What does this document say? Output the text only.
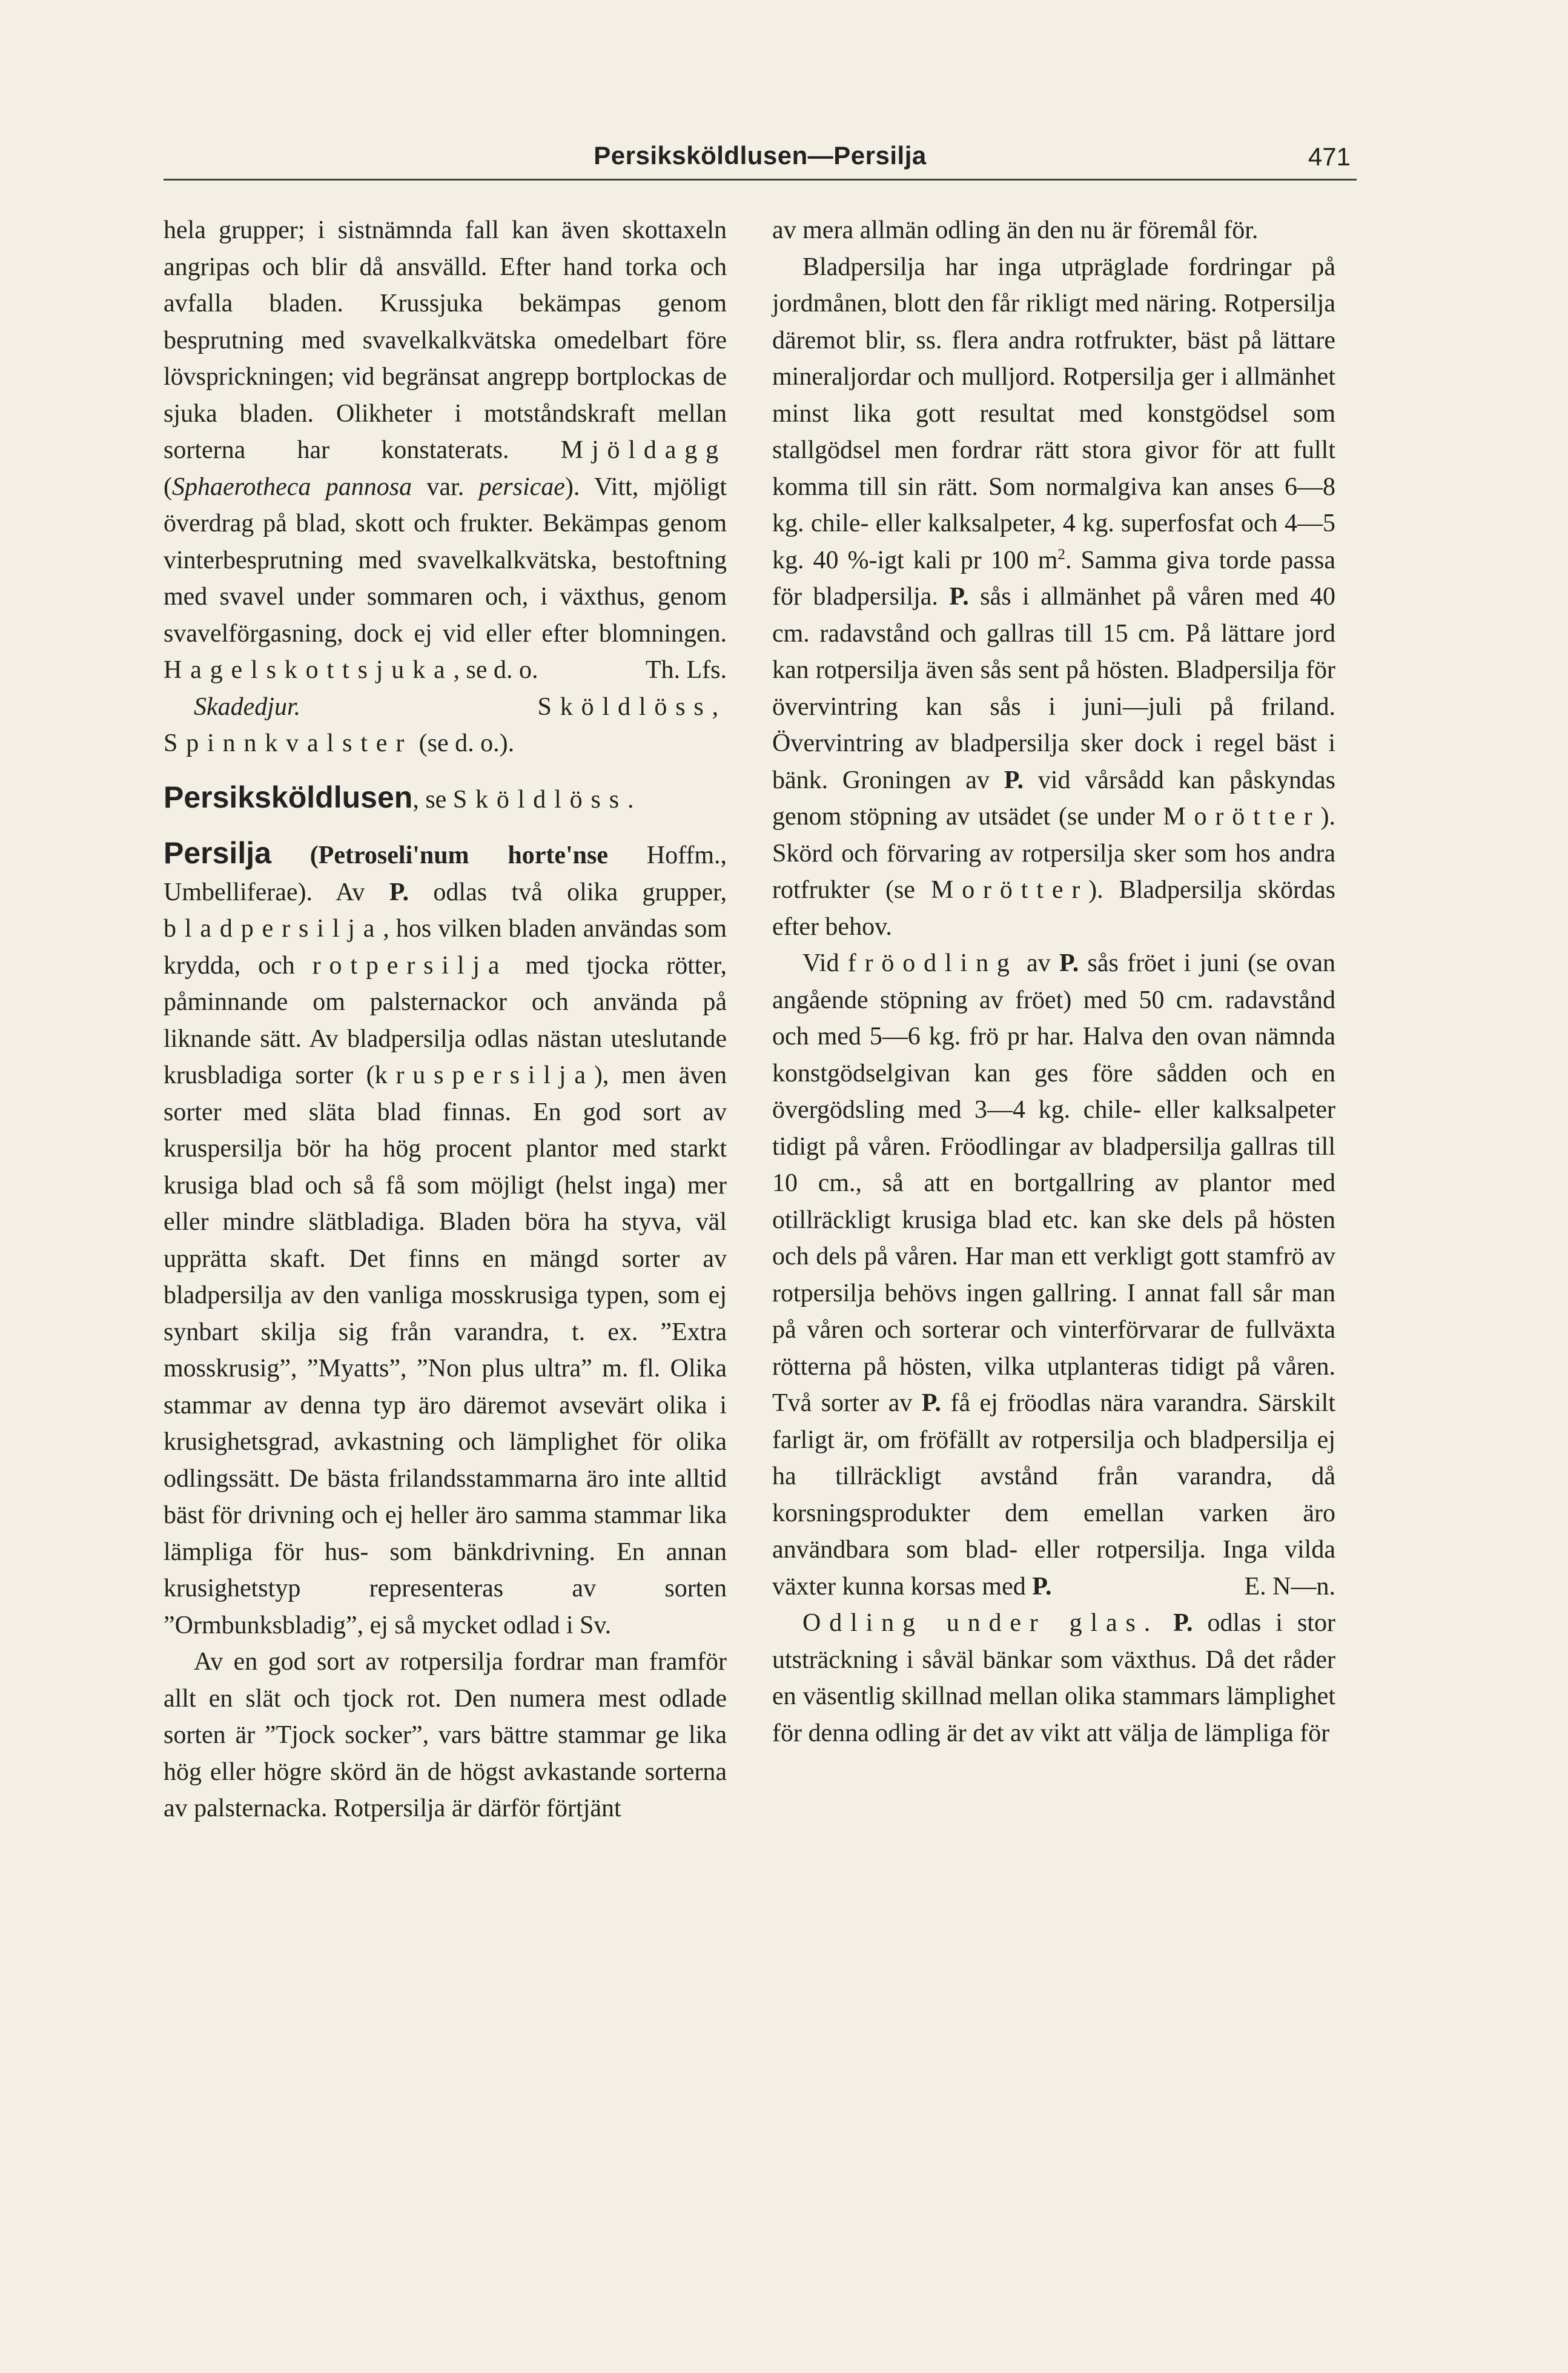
Persiksköldlusen—Persilja	471

hela grupper; i sistnämnda fall kan även skottaxeln angripas och blir då ansvälld. Efter hand torka och avfalla bladen. Krussjuka bekämpas genom besprutning med svavelkalkvätska omedelbart före lövsprickningen; vid begränsat angrepp bortplockas de sjuka bladen. Olikheter i motståndskraft mellan sorterna har konstaterats. Mjöldagg (Sphaerotheca pannosa var. persicae). Vitt, mjöligt överdrag på blad, skott och frukter. Bekämpas genom vinterbesprutning med svavelkalkvätska, bestoftning med svavel under sommaren och, i växthus, genom svavelförgasning, dock ej vid eller efter blomningen. Hagelskottsjuka, se d. o.	Th. Lfs.

Skadedjur.	Sköldlöss, Spinnkvalster (se d. o.).

Persiksköldlusen, se Sköldlöss.

Persilja (Petroseli'num horte'nse Hoffm., Umbelliferae). Av P. odlas två olika grupper, bladpersilja, hos vilken bladen användas som krydda, och rotpersilja med tjocka rötter, påminnande om palsternackor och använda på liknande sätt. Av bladpersilja odlas nästan uteslutande krusbladiga sorter (kruspersilja), men även sorter med släta blad finnas. En god sort av kruspersilja bör ha hög procent plantor med starkt krusiga blad och så få som möjligt (helst inga) mer eller mindre slätbladiga. Bladen böra ha styva, väl upprätta skaft. Det finns en mängd sorter av bladpersilja av den vanliga mosskrusiga typen, som ej synbart skilja sig från varandra, t. ex. ”Extra mosskrusig”, ”Myatts”, ”Non plus ultra” m. fl. Olika stammar av denna typ äro däremot avsevärt olika i krusighetsgrad, avkastning och lämplighet för olika odlingssätt. De bästa frilandsstammarna äro inte alltid bäst för drivning och ej heller äro samma stammar lika lämpliga för hus- som bänkdrivning. En annan krusighetstyp representeras av sorten ”Ormbunksbladig”, ej så mycket odlad i Sv.

Av en god sort av rotpersilja fordrar man framför allt en slät och tjock rot. Den numera mest odlade sorten är ”Tjock socker”, vars bättre stammar ge lika hög eller högre skörd än de högst avkastande sorterna av palsternacka. Rotpersilja är därför förtjänt

av mera allmän odling än den nu är föremål för.

Bladpersilja har inga utpräglade fordringar på jordmånen, blott den får rikligt med näring. Rotpersilja däremot blir, ss. flera andra rotfrukter, bäst på lättare mineraljordar och mulljord. Rotpersilja ger i allmänhet minst lika gott resultat med konstgödsel som stallgödsel men fordrar rätt stora givor för att fullt komma till sin rätt. Som normalgiva kan anses 6—8 kg. chile- eller kalksalpeter, 4 kg. superfosfat och 4—5 kg. 40 %-igt kali pr 100 $m^2$. Samma giva torde passa för bladpersilja. P. sås i allmänhet på våren med 40 cm. radavstånd och gallras till 15 cm. På lättare jord kan rotpersilja även sås sent på hösten. Bladpersilja för övervintring kan sås i juni—juli på friland. Övervintring av bladpersilja sker dock i regel bäst i bänk. Groningen av P. vid vårsådd kan påskyndas genom stöpning av utsädet (se under Morötter). Skörd och förvaring av rotpersilja sker som hos andra rotfrukter (se Morötter). Bladpersilja skördas efter behov.

Vid fröodling av P. sås fröet i juni (se ovan angående stöpning av fröet) med 50 cm. radavstånd och med 5—6 kg. frö pr har. Halva den ovan nämnda konstgödselgivan kan ges före sådden och en övergödsling med 3—4 kg. chile- eller kalksalpeter tidigt på våren. Fröodlingar av bladpersilja gallras till 10 cm., så att en bortgallring av plantor med otillräckligt krusiga blad etc. kan ske dels på hösten och dels på våren. Har man ett verkligt gott stamfrö av rotpersilja behövs ingen gallring. I annat fall sår man på våren och sorterar och vinterförvarar de fullväxta rötterna på hösten, vilka utplanteras tidigt på våren. Två sorter av P. få ej fröodlas nära varandra. Särskilt farligt är, om fröfällt av rotpersilja och bladpersilja ej ha tillräckligt avstånd från varandra, då korsningsprodukter dem emellan varken äro användbara som blad- eller rotpersilja. Inga vilda växter kunna korsas med P.	E. N—n.

Odling under glas. P. odlas i stor utsträckning i såväl bänkar som växthus. Då det råder en väsentlig skillnad mellan olika stammars lämplighet för denna odling är det av vikt att välja de lämpliga för
